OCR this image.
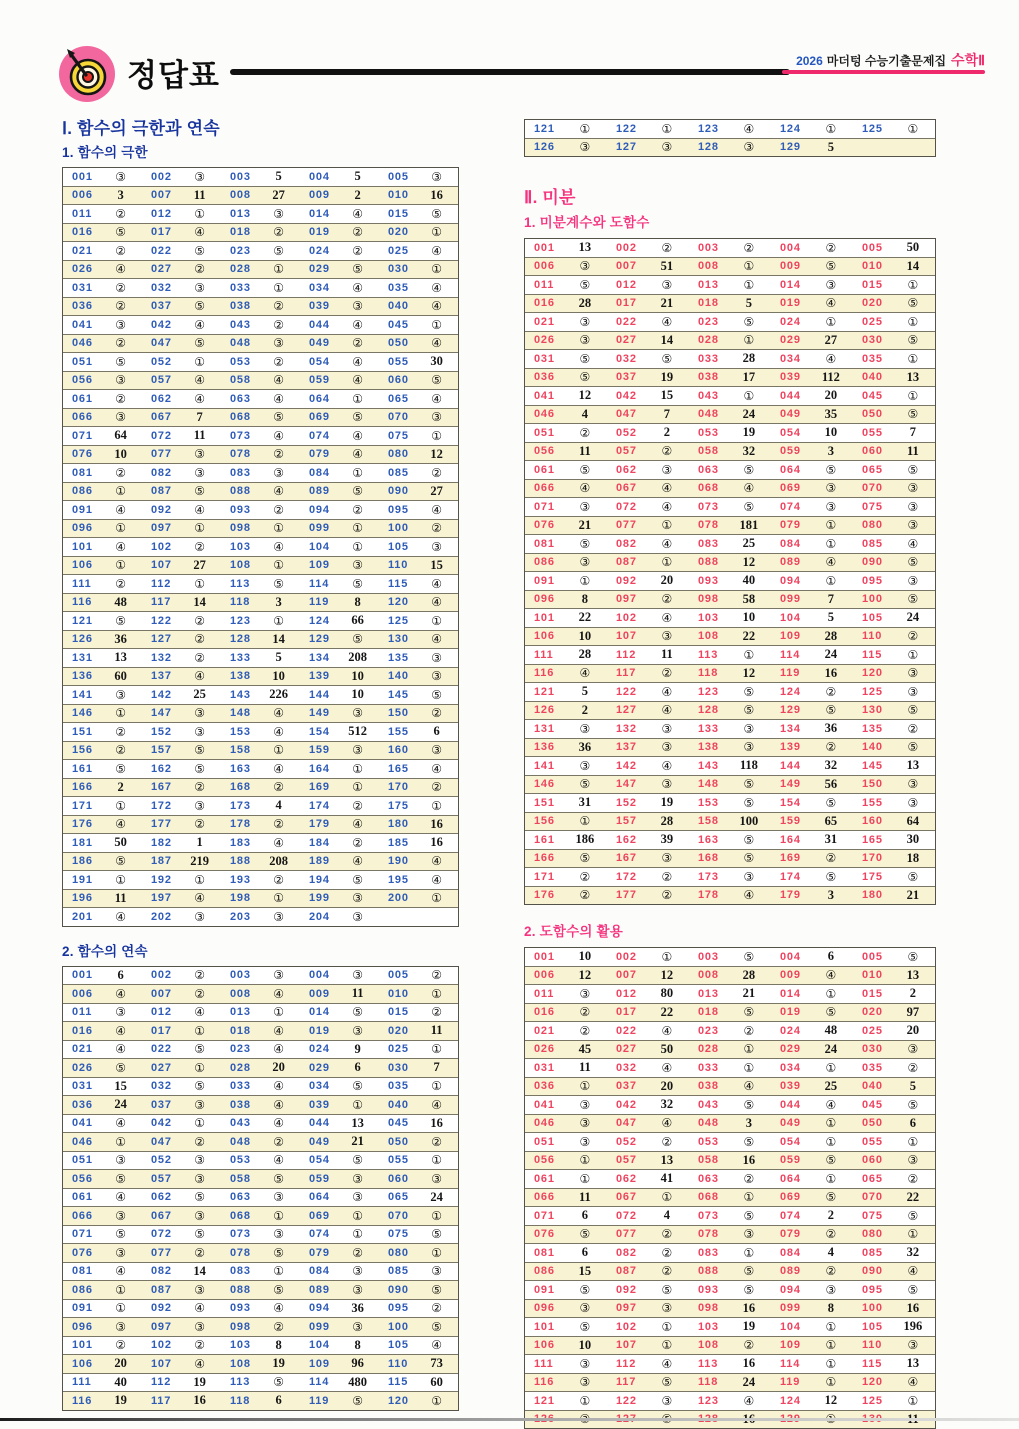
정답표	2026 마더텅 수능기출문제집 수학Ⅱ
Ⅰ. 함수의 극한과 연속
1. 함수의 극한
001	③	002	③	003	5	004	5	005	③
006	3	007	11	008	27	009	2	010	16
011	②	012	①	013	③	014	④	015	⑤
016	⑤	017	④	018	②	019	②	020	①
021	②	022	⑤	023	⑤	024	②	025	④
026	④	027	②	028	①	029	⑤	030	①
031	②	032	③	033	①	034	④	035	④
036	②	037	⑤	038	②	039	③	040	④
041	③	042	④	043	②	044	④	045	①
046	②	047	⑤	048	③	049	②	050	④
051	⑤	052	①	053	②	054	④	055	30
056	③	057	④	058	④	059	④	060	⑤
061	②	062	④	063	④	064	①	065	④
066	③	067	7	068	⑤	069	⑤	070	③
071	64	072	11	073	④	074	④	075	①
076	10	077	③	078	②	079	④	080	12
081	②	082	③	083	③	084	①	085	②
086	①	087	⑤	088	④	089	⑤	090	27
091	④	092	④	093	②	094	②	095	④
096	①	097	①	098	①	099	①	100	②
101	④	102	②	103	④	104	①	105	③
106	①	107	27	108	①	109	③	110	15
111	②	112	①	113	⑤	114	⑤	115	④
116	48	117	14	118	3	119	8	120	④
121	⑤	122	②	123	①	124	66	125	①
126	36	127	②	128	14	129	⑤	130	④
131	13	132	②	133	5	134	208	135	③
136	60	137	④	138	10	139	10	140	③
141	③	142	25	143	226	144	10	145	⑤
146	①	147	③	148	④	149	③	150	②
151	②	152	③	153	④	154	512	155	6
156	②	157	⑤	158	①	159	③	160	③
161	⑤	162	⑤	163	④	164	①	165	④
166	2	167	②	168	②	169	①	170	②
171	①	172	③	173	4	174	②	175	①
176	④	177	②	178	②	179	④	180	16
181	50	182	1	183	④	184	②	185	16
186	⑤	187	219	188	208	189	④	190	④
191	①	192	①	193	②	194	⑤	195	④
196	11	197	④	198	①	199	③	200	①
201	④	202	③	203	③	204	③
2. 함수의 연속
001	6	002	②	003	③	004	③	005	②
006	④	007	②	008	④	009	11	010	①
011	③	012	④	013	①	014	⑤	015	②
016	④	017	①	018	④	019	③	020	11
021	④	022	⑤	023	④	024	9	025	①
026	⑤	027	①	028	20	029	6	030	7
031	15	032	⑤	033	④	034	⑤	035	①
036	24	037	③	038	④	039	①	040	④
041	④	042	①	043	④	044	13	045	16
046	①	047	②	048	②	049	21	050	②
051	③	052	③	053	④	054	⑤	055	①
056	⑤	057	③	058	⑤	059	③	060	③
061	④	062	⑤	063	③	064	③	065	24
066	③	067	③	068	①	069	①	070	①
071	⑤	072	⑤	073	③	074	①	075	⑤
076	③	077	②	078	⑤	079	②	080	①
081	④	082	14	083	①	084	③	085	③
086	①	087	③	088	⑤	089	③	090	⑤
091	①	092	④	093	④	094	36	095	②
096	③	097	③	098	②	099	③	100	⑤
101	②	102	②	103	8	104	8	105	④
106	20	107	④	108	19	109	96	110	73
111	40	112	19	113	⑤	114	480	115	60
116	19	117	16	118	6	119	⑤	120	①
121	①	122	①	123	④	124	①	125	①
126	③	127	③	128	③	129	5
Ⅱ. 미분
1. 미분계수와 도함수
001	13	002	②	003	②	004	②	005	50
006	③	007	51	008	①	009	⑤	010	14
011	⑤	012	③	013	①	014	③	015	①
016	28	017	21	018	5	019	④	020	⑤
021	③	022	④	023	⑤	024	①	025	①
026	③	027	14	028	①	029	27	030	⑤
031	⑤	032	⑤	033	28	034	④	035	①
036	⑤	037	19	038	17	039	112	040	13
041	12	042	15	043	①	044	20	045	①
046	4	047	7	048	24	049	35	050	⑤
051	②	052	2	053	19	054	10	055	7
056	11	057	②	058	32	059	3	060	11
061	⑤	062	③	063	⑤	064	⑤	065	⑤
066	④	067	④	068	④	069	③	070	③
071	③	072	④	073	⑤	074	③	075	③
076	21	077	①	078	181	079	①	080	③
081	⑤	082	④	083	25	084	①	085	④
086	③	087	①	088	12	089	④	090	⑤
091	①	092	20	093	40	094	①	095	③
096	8	097	②	098	58	099	7	100	⑤
101	22	102	④	103	10	104	5	105	24
106	10	107	③	108	22	109	28	110	②
111	28	112	11	113	①	114	24	115	①
116	④	117	②	118	12	119	16	120	③
121	5	122	④	123	⑤	124	②	125	③
126	2	127	④	128	⑤	129	⑤	130	⑤
131	③	132	③	133	③	134	36	135	②
136	36	137	③	138	③	139	②	140	⑤
141	③	142	④	143	118	144	32	145	13
146	⑤	147	③	148	⑤	149	56	150	③
151	31	152	19	153	⑤	154	⑤	155	③
156	①	157	28	158	100	159	65	160	64
161	186	162	39	163	⑤	164	31	165	30
166	⑤	167	③	168	⑤	169	②	170	18
171	②	172	②	173	③	174	⑤	175	⑤
176	②	177	②	178	④	179	3	180	21
2. 도함수의 활용
001	10	002	①	003	⑤	004	6	005	⑤
006	12	007	12	008	28	009	④	010	13
011	③	012	80	013	21	014	①	015	2
016	②	017	22	018	⑤	019	⑤	020	97
021	②	022	④	023	②	024	48	025	20
026	45	027	50	028	①	029	24	030	③
031	11	032	④	033	①	034	①	035	②
036	①	037	20	038	④	039	25	040	5
041	③	042	32	043	⑤	044	④	045	⑤
046	③	047	④	048	3	049	①	050	6
051	③	052	②	053	⑤	054	①	055	①
056	①	057	13	058	16	059	⑤	060	③
061	①	062	41	063	②	064	①	065	②
066	11	067	①	068	①	069	⑤	070	22
071	6	072	4	073	⑤	074	2	075	⑤
076	⑤	077	②	078	③	079	②	080	①
081	6	082	②	083	①	084	4	085	32
086	15	087	②	088	⑤	089	②	090	④
091	⑤	092	⑤	093	⑤	094	③	095	⑤
096	③	097	③	098	16	099	8	100	16
101	⑤	102	①	103	19	104	①	105	196
106	10	107	①	108	②	109	①	110	③
111	③	112	④	113	16	114	①	115	13
116	③	117	⑤	118	24	119	①	120	④
121	①	122	③	123	④	124	12	125	①
